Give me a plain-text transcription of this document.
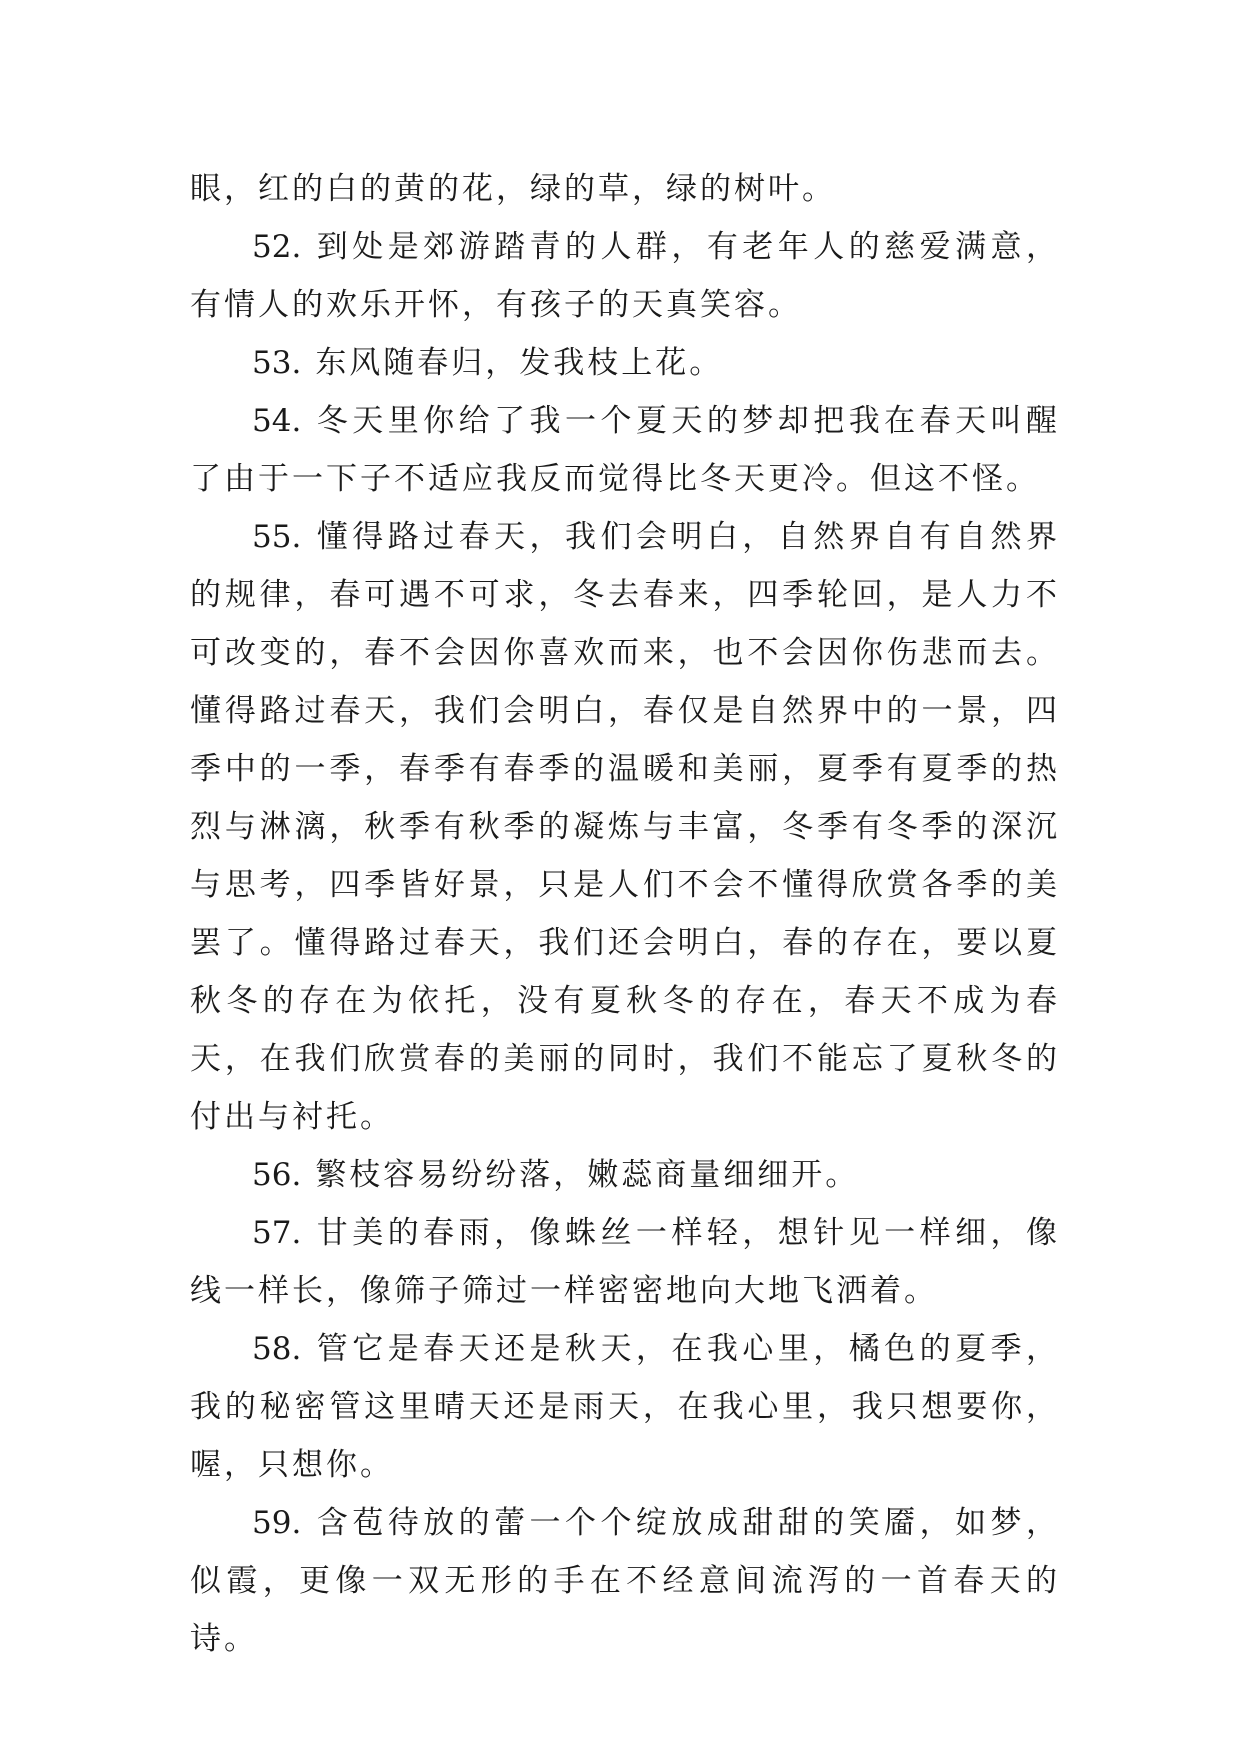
眼，红的白的黄的花，绿的草，绿的树叶。

52. 到处是郊游踏青的人群，有老年人的慈爱满意，有情人的欢乐开怀，有孩子的天真笑容。

53. 东风随春归，发我枝上花。

54. 冬天里你给了我一个夏天的梦却把我在春天叫醒了由于一下子不适应我反而觉得比冬天更冷。但这不怪。

55. 懂得路过春天，我们会明白，自然界自有自然界的规律，春可遇不可求，冬去春来，四季轮回，是人力不可改变的，春不会因你喜欢而来，也不会因你伤悲而去。懂得路过春天，我们会明白，春仅是自然界中的一景，四季中的一季，春季有春季的温暖和美丽，夏季有夏季的热烈与淋漓，秋季有秋季的凝炼与丰富，冬季有冬季的深沉与思考，四季皆好景，只是人们不会不懂得欣赏各季的美罢了。懂得路过春天，我们还会明白，春的存在，要以夏秋冬的存在为依托，没有夏秋冬的存在，春天不成为春天，在我们欣赏春的美丽的同时，我们不能忘了夏秋冬的付出与衬托。

56. 繁枝容易纷纷落，嫩蕊商量细细开。

57. 甘美的春雨，像蛛丝一样轻，想针见一样细，像线一样长，像筛子筛过一样密密地向大地飞洒着。

58. 管它是春天还是秋天，在我心里，橘色的夏季，我的秘密管这里晴天还是雨天，在我心里，我只想要你，喔，只想你。

59. 含苞待放的蕾一个个绽放成甜甜的笑靥，如梦，似霞，更像一双无形的手在不经意间流泻的一首春天的诗。
